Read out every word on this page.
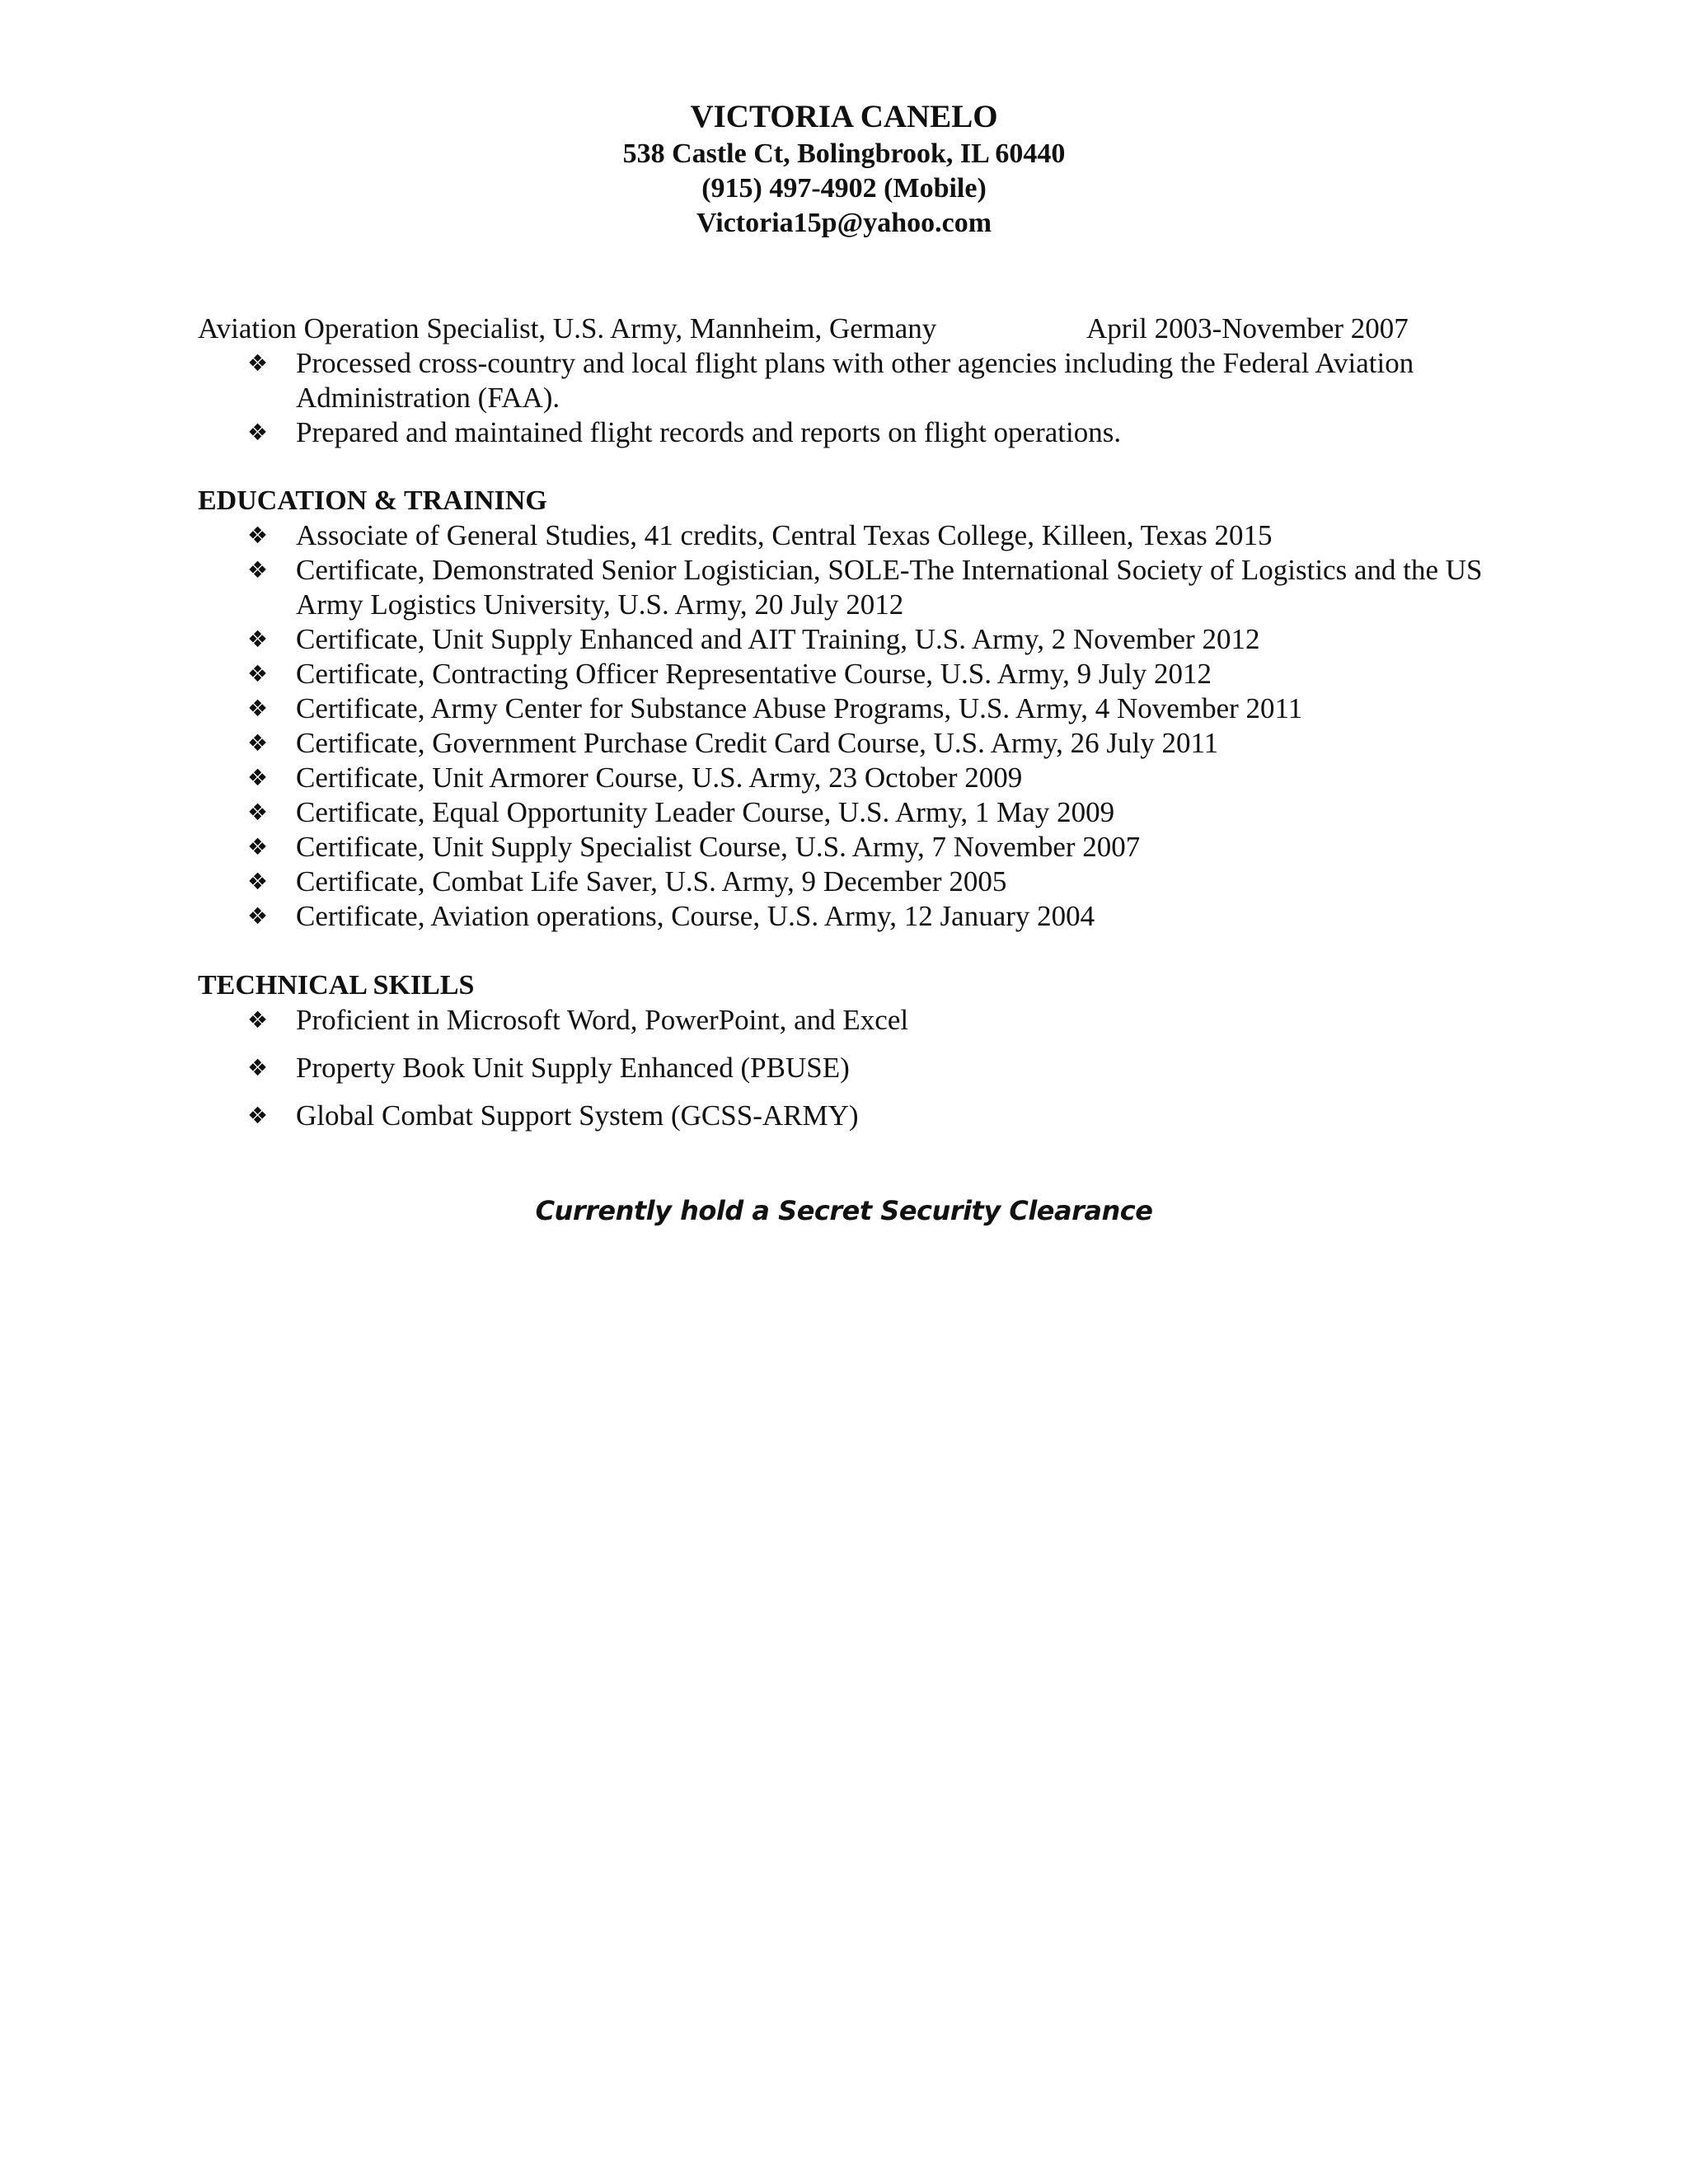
VICTORIA CANELO
538 Castle Ct, Bolingbrook, IL 60440
(915) 497-4902 (Mobile)
Victoria15p@yahoo.com
Aviation Operation Specialist, U.S. Army, Mannheim, Germany	April 2003-November 2007
❖ Processed cross-country and local flight plans with other agencies including the Federal Aviation Administration (FAA).
❖ Prepared and maintained flight records and reports on flight operations.
EDUCATION & TRAINING
❖ Associate of General Studies, 41 credits, Central Texas College, Killeen, Texas 2015
❖ Certificate, Demonstrated Senior Logistician, SOLE-The International Society of Logistics and the US Army Logistics University, U.S. Army, 20 July 2012
❖ Certificate, Unit Supply Enhanced and AIT Training, U.S. Army, 2 November 2012
❖ Certificate, Contracting Officer Representative Course, U.S. Army, 9 July 2012
❖ Certificate, Army Center for Substance Abuse Programs, U.S. Army, 4 November 2011
❖ Certificate, Government Purchase Credit Card Course, U.S. Army, 26 July 2011
❖ Certificate, Unit Armorer Course, U.S. Army, 23 October 2009
❖ Certificate, Equal Opportunity Leader Course, U.S. Army, 1 May 2009
❖ Certificate, Unit Supply Specialist Course, U.S. Army, 7 November 2007
❖ Certificate, Combat Life Saver, U.S. Army, 9 December 2005
❖ Certificate, Aviation operations, Course, U.S. Army, 12 January 2004
TECHNICAL SKILLS
❖ Proficient in Microsoft Word, PowerPoint, and Excel
❖ Property Book Unit Supply Enhanced (PBUSE)
❖ Global Combat Support System (GCSS-ARMY)
Currently hold a Secret Security Clearance
